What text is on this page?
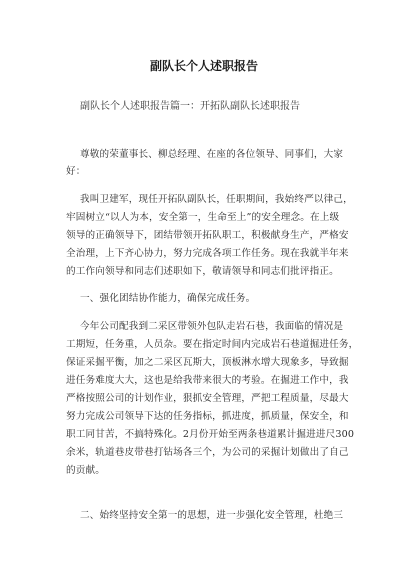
副队长个人述职报告
副队长个人述职报告篇一：开拓队副队长述职报告
尊敬的荣董事长、柳总经理、在座的各位领导、同事们，大家
好：
我叫卫建军，现任开拓队副队长，任职期间，我始终严以律己，
牢固树立“以人为本，安全第一，生命至上”的安全理念。在上级
领导的正确领导下，团结带领开拓队职工，积极献身生产，严格安
全治理，上下齐心协力，努力完成各项工作任务。现在我就半年来
的工作向领导和同志们述职如下，敬请领导和同志们批评指正。
一、强化团结协作能力，确保完成任务。
今年公司配我到二采区带领外包队走岩石巷，我面临的情况是
工期短，任务重，人员杂。要在指定时间内完成岩石巷道掘进任务，
保证采掘平衡，加之二采区瓦斯大，顶板淋水增大现象多，导致掘
进任务难度大大，这也是给我带来很大的考验。在掘进工作中，我
严格按照公司的计划作业，狠抓安全管理，严把工程质量，尽最大
努力完成公司领导下达的任务指标，抓进度，抓质量，保安全，和
职工同甘苦，不搞特殊化。2月份开始至两条巷道累计掘进进尺300
余米，轨道巷皮带巷打钻场各三个，为公司的采掘计划做出了自己
的贡献。
二、始终坚持安全第一的思想，进一步强化安全管理，杜绝三
